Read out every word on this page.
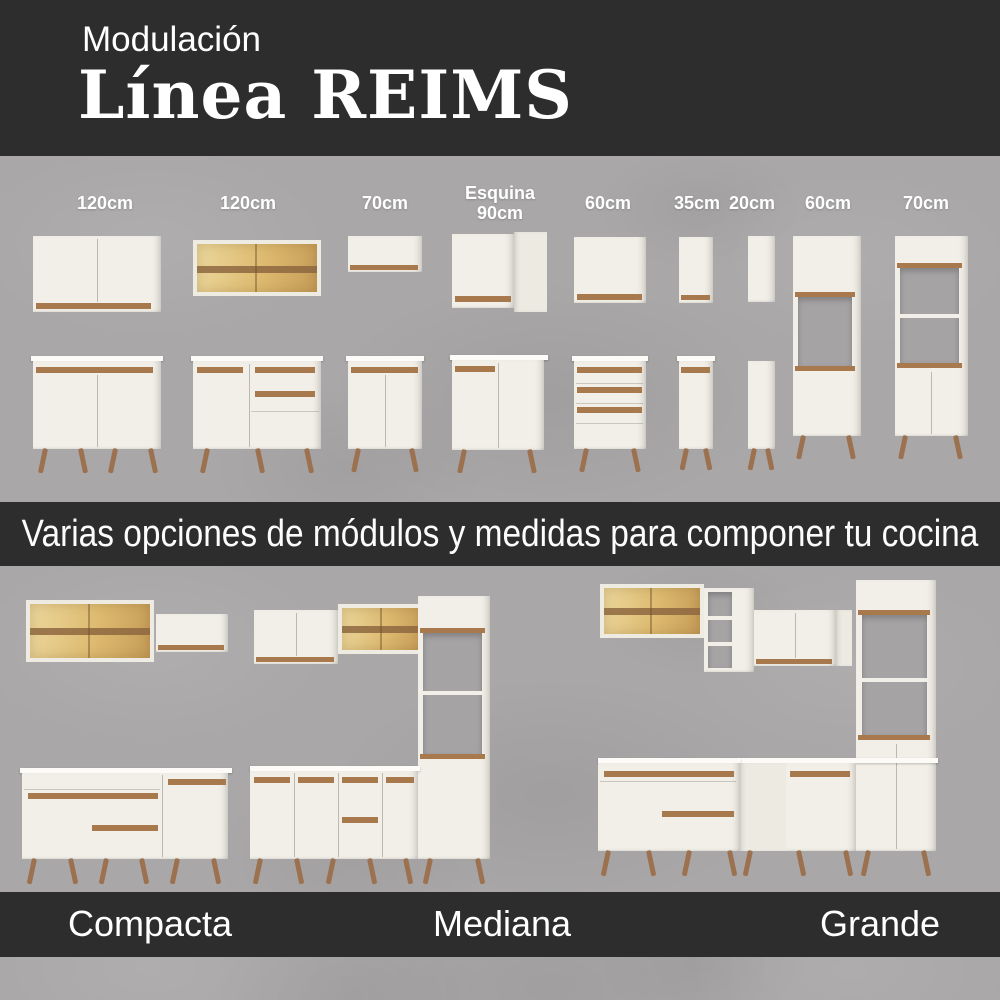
Modulación
Línea REIMS
120cm	120cm	70cm	Esquina 90cm	60cm 35cm 20cm 60cm	70cm
Varias opciones de módulos y medidas para componer tu cocina
Compacta	Mediana	Grande
